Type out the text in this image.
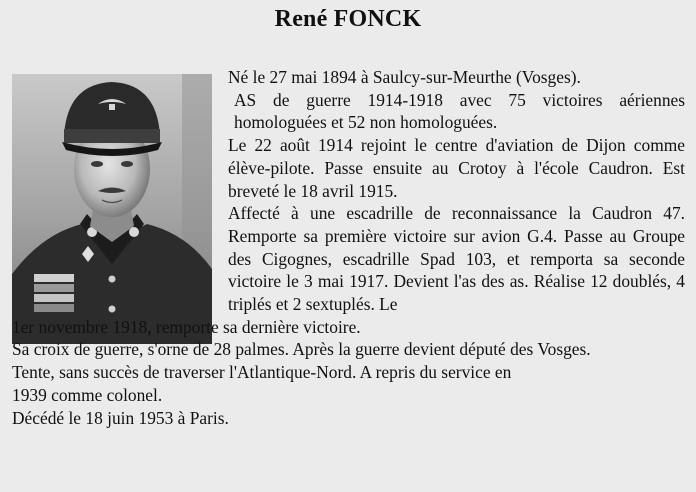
René FONCK

Né le 27 mai 1894 à Saulcy-sur-Meurthe (Vosges).

AS de guerre 1914-1918 avec 75 victoires aériennes homologuées et 52 non homologuées.

Le 22 août 1914 rejoint le centre d'aviation de Dijon comme élève-pilote. Passe ensuite au Crotoy à l'école Caudron. Est breveté le 18 avril 1915.

Affecté à une escadrille de reconnaissance la Caudron 47. Remporte sa première victoire sur avion G.4. Passe au Groupe des Cigognes, escadrille Spad 103, et remporta sa seconde victoire le 3 mai 1917. Devient l'as des as. Réalise 12 doublés, 4 triplés et 2 sextuplés. Le

1er novembre 1918, remporte sa dernière victoire.

Sa croix de guerre, s'orne de 28 palmes. Après la guerre devient député des Vosges.

Tente, sans succès de traverser l'Atlantique-Nord. A repris du service en 1939 comme colonel.

Décédé le 18 juin 1953 à Paris.
